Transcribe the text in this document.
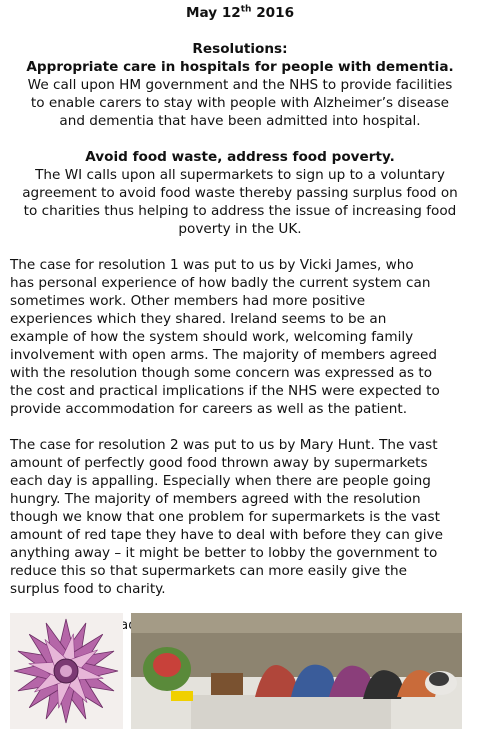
May 12th 2016
Resolutions:
Appropriate care in hospitals for people with dementia.
We call upon HM government and the NHS to provide facilities
to enable carers to stay with people with Alzheimer’s disease
and dementia that have been admitted into hospital.
Avoid food waste, address food poverty.
The WI calls upon all supermarkets to sign up to a voluntary
agreement to avoid food waste thereby passing surplus food on
to charities thus helping to address the issue of increasing food
poverty in the UK.
The case for resolution 1 was put to us by Vicki James, who
has personal experience of how badly the current system can
sometimes work. Other members had more positive
experiences which they shared. Ireland seems to be an
example of how the system should work, welcoming family
involvement with open arms. The majority of members agreed
with the resolution though some concern was expressed as to
the cost and practical implications if the NHS were expected to
provide accommodation for careers as well as the patient.
The case for resolution 2 was put to us by Mary Hunt. The vast
amount of perfectly good food thrown away by supermarkets
each day is appalling. Especially when there are people going
hungry. The majority of members agreed with the resolution
though we know that one problem for supermarkets is the vast
amount of red tape they have to deal with before they can give
anything away – it might be better to lobby the government to
reduce this so that supermarkets can more easily give the
surplus food to charity.
had
